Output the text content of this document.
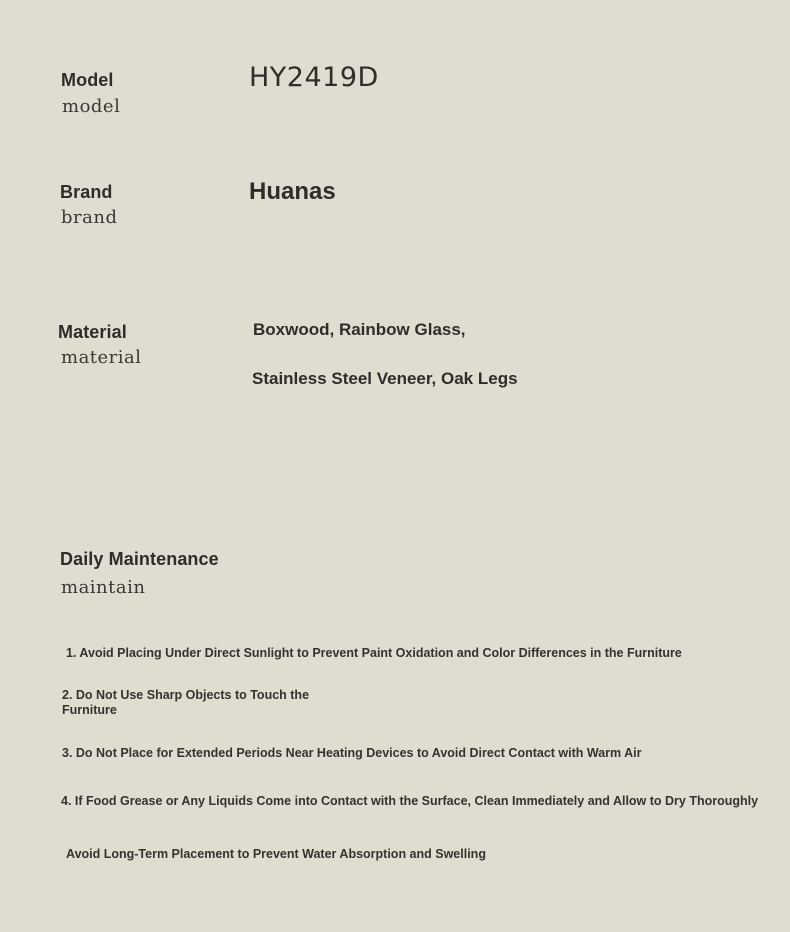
Model
model
HY2419D
Brand
brand
Huanas
Material
material
Boxwood, Rainbow Glass,
Stainless Steel Veneer, Oak Legs
Daily Maintenance
maintain
1. Avoid Placing Under Direct Sunlight to Prevent Paint Oxidation and Color Differences in the Furniture
2. Do Not Use Sharp Objects to Touch the Furniture
3. Do Not Place for Extended Periods Near Heating Devices to Avoid Direct Contact with Warm Air
4. If Food Grease or Any Liquids Come into Contact with the Surface, Clean Immediately and Allow to Dry Thoroughly
Avoid Long-Term Placement to Prevent Water Absorption and Swelling
